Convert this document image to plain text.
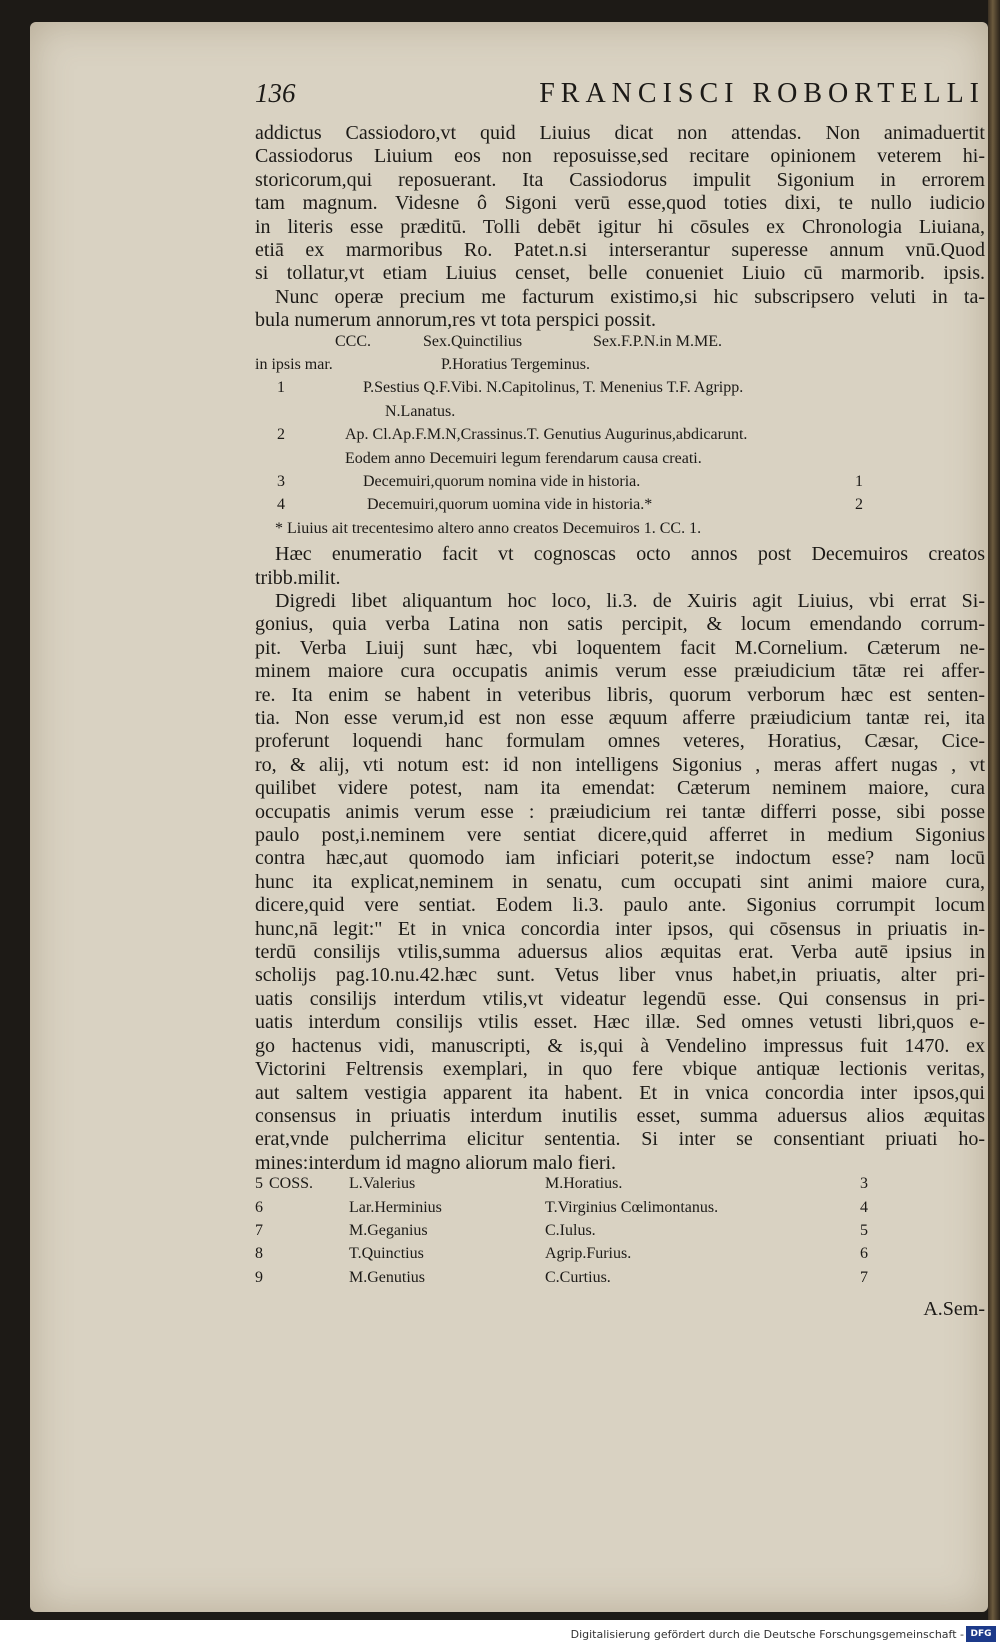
136	FRANCISCI ROBORTELLI

addictus Cassiodoro,vt quid Liuius dicat non attendas. Non animaduertit

Cassiodorus Liuium eos non reposuisse,sed recitare opinionem veterem hi-

storicorum,qui reposuerant. Ita Cassiodorus impulit Sigonium in errorem

tam magnum. Videsne ô Sigoni verū esse,quod toties dixi, te nullo iudicio

in literis esse præditū. Tolli debēt igitur hi cōsules ex Chronologia Liuiana,

etiā ex marmoribus Ro. Patet.n.si interserantur superesse annum vnū.Quod

si tollatur,vt etiam Liuius censet, belle conueniet Liuio cū marmorib. ipsis.

Nunc operæ precium me facturum existimo,si hic subscripsero veluti in ta-

bula numerum annorum,res vt tota perspici possit.

CCC.	Sex.Quinctilius	Sex.F.P.N.in M.ME.
in ipsis mar.	P.Horatius Tergeminus.
1	P.Sestius Q.F.Vibi. N.Capitolinus, T. Menenius T.F. Agripp.
N.Lanatus.
2	Ap. Cl.Ap.F.M.N,Crassinus.T. Genutius Augurinus,abdicarunt.
Eodem anno Decemuiri legum ferendarum causa creati.
3	Decemuiri,quorum nomina vide in historia.	1
4	Decemuiri,quorum uomina vide in historia.*	2
* Liuius ait trecentesimo altero anno creatos Decemuiros 1. CC. 1.

Hæc enumeratio facit vt cognoscas octo annos post Decemuiros creatos

tribb.milit.

Digredi libet aliquantum hoc loco, li.3. de Xuiris agit Liuius, vbi errat Si-

gonius, quia verba Latina non satis percipit, & locum emendando corrum-

pit. Verba Liuij sunt hæc, vbi loquentem facit M.Cornelium. Cæterum ne-

minem maiore cura occupatis animis verum esse præiudicium tātæ rei affer-

re. Ita enim se habent in veteribus libris, quorum verborum hæc est senten-

tia. Non esse verum,id est non esse æquum afferre præiudicium tantæ rei, ita

proferunt loquendi hanc formulam omnes veteres, Horatius, Cæsar, Cice-

ro, & alij, vti notum est: id non intelligens Sigonius , meras affert nugas , vt

quilibet videre potest, nam ita emendat: Cæterum neminem maiore, cura

occupatis animis verum esse : præiudicium rei tantæ differri posse, sibi posse

paulo post,i.neminem vere sentiat dicere,quid afferret in medium Sigonius

contra hæc,aut quomodo iam inficiari poterit,se indoctum esse? nam locū

hunc ita explicat,neminem in senatu, cum occupati sint animi maiore cura,

dicere,quid vere sentiat. Eodem li.3. paulo ante. Sigonius corrumpit locum

hunc,nā legit:" Et in vnica concordia inter ipsos, qui cōsensus in priuatis in-

terdū consilijs vtilis,summa aduersus alios æquitas erat. Verba autē ipsius in

scholijs pag.10.nu.42.hæc sunt. Vetus liber vnus habet,in priuatis, alter pri-

uatis consilijs interdum vtilis,vt videatur legendū esse. Qui consensus in pri-

uatis interdum consilijs vtilis esset. Hæc illæ. Sed omnes vetusti libri,quos e-

go hactenus vidi, manuscripti, & is,qui à Vendelino impressus fuit 1470. ex

Victorini Feltrensis exemplari, in quo fere vbique antiquæ lectionis veritas,

aut saltem vestigia apparent ita habent. Et in vnica concordia inter ipsos,qui

consensus in priuatis interdum inutilis esset, summa aduersus alios æquitas

erat,vnde pulcherrima elicitur sententia. Si inter se consentiant priuati ho-

mines:interdum id magno aliorum malo fieri.

5 COSS. L.Valerius	M.Horatius.	3
6	Lar.Herminius	T.Virginius Cœlimontanus.	4
7	M.Geganius	C.Iulus.	5
8	T.Quinctius	Agrip.Furius.	6
9	M.Genutius	C.Curtius.	7
A.Sem-
Digitalisierung gefördert durch die Deutsche Forschungsgemeinschaft - DFG
